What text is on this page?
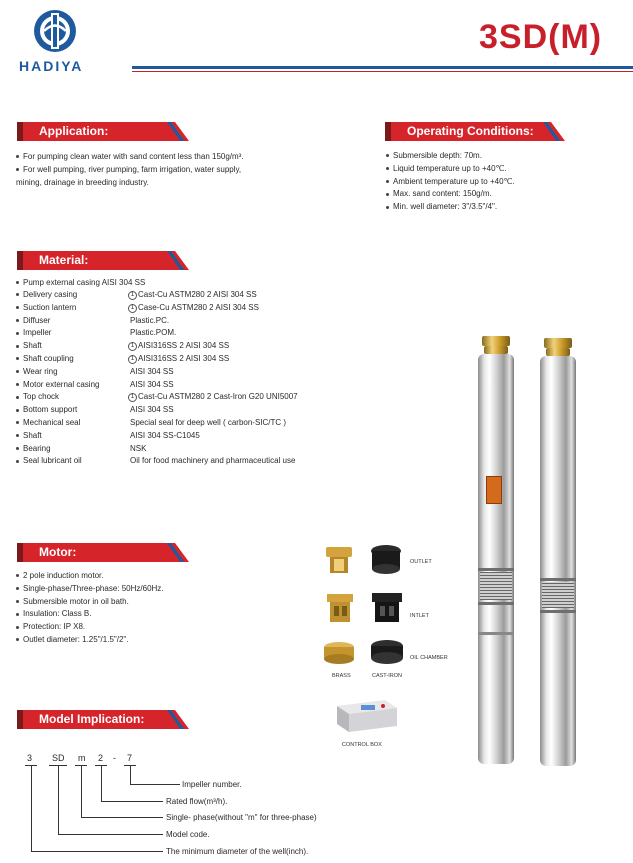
HADIYA
3SD(M)
Application:
For pumping clean water with sand content less than 150g/m³.
For well pumping, river pumping, farm irrigation, water supply,
mining, drainage in breeding industry.
Operating Conditions:
Submersible depth: 70m.
Liquid temperature up to +40℃.
Ambient temperature up to +40℃.
Max. sand content: 150g/m.
Min. well diameter: 3"/3.5"/4".
Material:
Pump external casing AISI 304 SS
Delivery casing	1 Cast-Cu ASTM280 2 AISI 304 SS
Suction lantern	1 Case-Cu ASTM280 2 AISI 304 SS
Diffuser	Plastic.PC.
Impeller	Plastic.POM.
Shaft	1 AISI316SS 2 AISI 304 SS
Shaft coupling	1 AISI316SS 2 AISI 304 SS
Wear ring	AISI 304 SS
Motor external casing	AISI 304 SS
Top chock	1 Cast-Cu ASTM280 2 Cast-Iron G20 UNI5007
Bottom support	AISI 304 SS
Mechanical seal	Special seal for deep well ( carbon-SIC/TC )
Shaft	AISI 304 SS-C1045
Bearing	NSK
Seal lubricant oil	Oil for food machinery and pharmaceutical use
Motor:
2 pole induction motor.
Single-phase/Three-phase: 50Hz/60Hz.
Submersible motor in oil bath.
Insulation: Class B.
Protection: IP X8.
Outlet diameter: 1.25"/1.5"/2".
OUTLET
INTLET
OIL CHAMBER
BRASS	CAST-IRON
CONTROL BOX
Model Implication:
3 SD m 2 - 7
Impeller number.
Rated flow(m³/h).
Single- phase(without "m" for three-phase)
Model code.
The minimum diameter of the well(inch).
